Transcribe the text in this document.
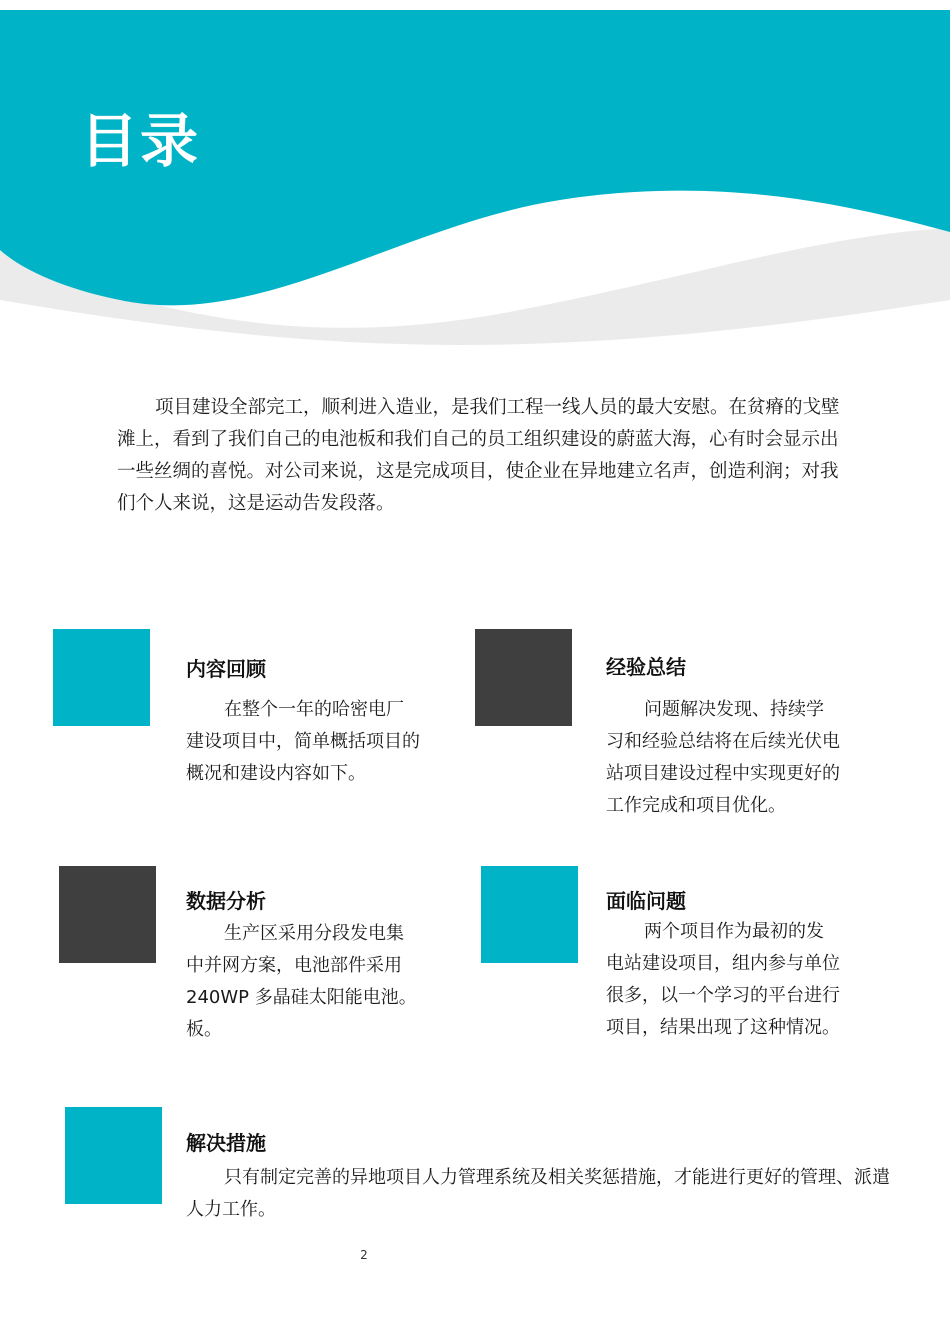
目录

项目建设全部完工，顺利进入造业，是我们工程一线人员的最大安慰。在贫瘠的戈壁滩上，看到了我们自己的电池板和我们自己的员工组织建设的蔚蓝大海，心有时会显示出一些丝绸的喜悦。对公司来说，这是完成项目，使企业在异地建立名声，创造利润；对我们个人来说，这是运动告发段落。

内容回顾

在整个一年的哈密电厂建设项目中，简单概括项目的概况和建设内容如下。

经验总结

问题解决发现、持续学习和经验总结将在后续光伏电站项目建设过程中实现更好的工作完成和项目优化。

数据分析

生产区采用分段发电集中并网方案，电池部件采用 240WP 多晶硅太阳能电池。板。

面临问题

两个项目作为最初的发电站建设项目，组内参与单位很多，以一个学习的平台进行项目，结果出现了这种情况。

解决措施

只有制定完善的异地项目人力管理系统及相关奖惩措施，才能进行更好的管理、派遣人力工作。

2
